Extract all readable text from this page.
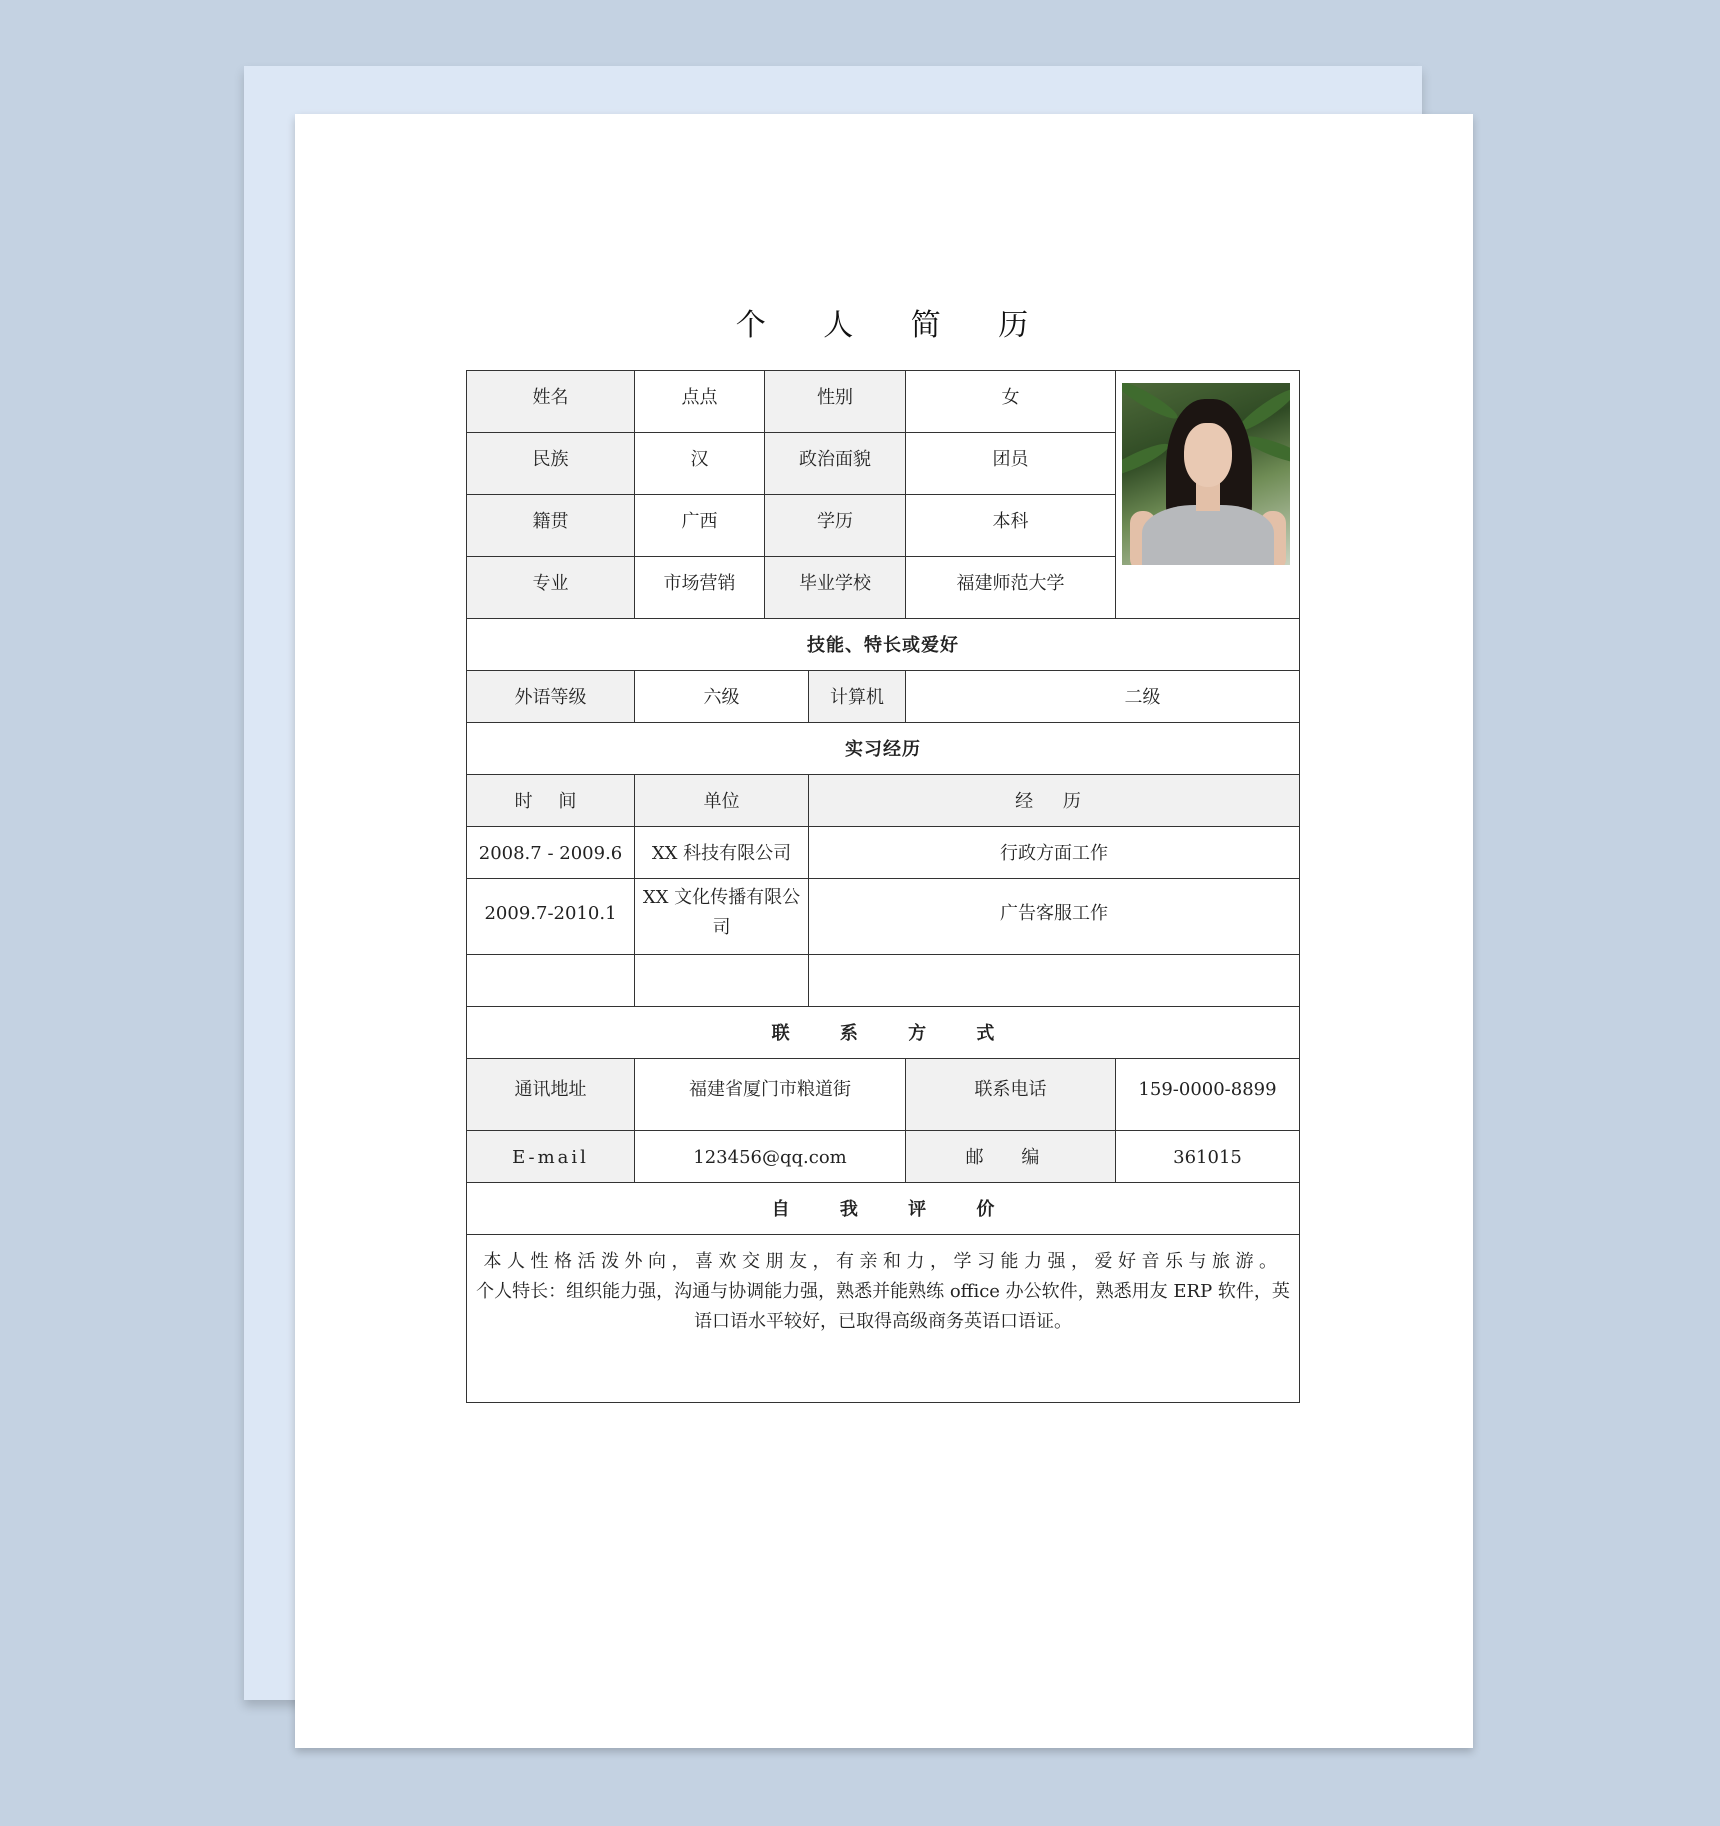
个 人 简 历
姓名	点点	性别		女	

民族	汉	政治面貌		团员	
籍贯	广西	学历		本科	
专业	市场营销	毕业学校		福建师范大学	
技能、特长或爱好					
外语等级	六级		计算机	二级	
实习经历					
时 间	单位		经 历		
2008.7 - 2009.6	XX 科技有限公司		行政方面工作		
2009.7-2010.1	XX 文化传播有限公司		广告客服工作		

联 系 方 式					
通讯地址	福建省厦门市粮道街			联系电话	159-0000-8899
E-mail	123456@qq.com			邮 编	361015
自 我 评 价					

本人性格活泼外向，喜欢交朋友，有亲和力，学习能力强，爱好音乐与旅游。
个人特长：组织能力强，沟通与协调能力强，熟悉并能熟练 office 办公软件，熟悉用友 ERP 软件，英语口语水平较好，已取得高级商务英语口语证。					
